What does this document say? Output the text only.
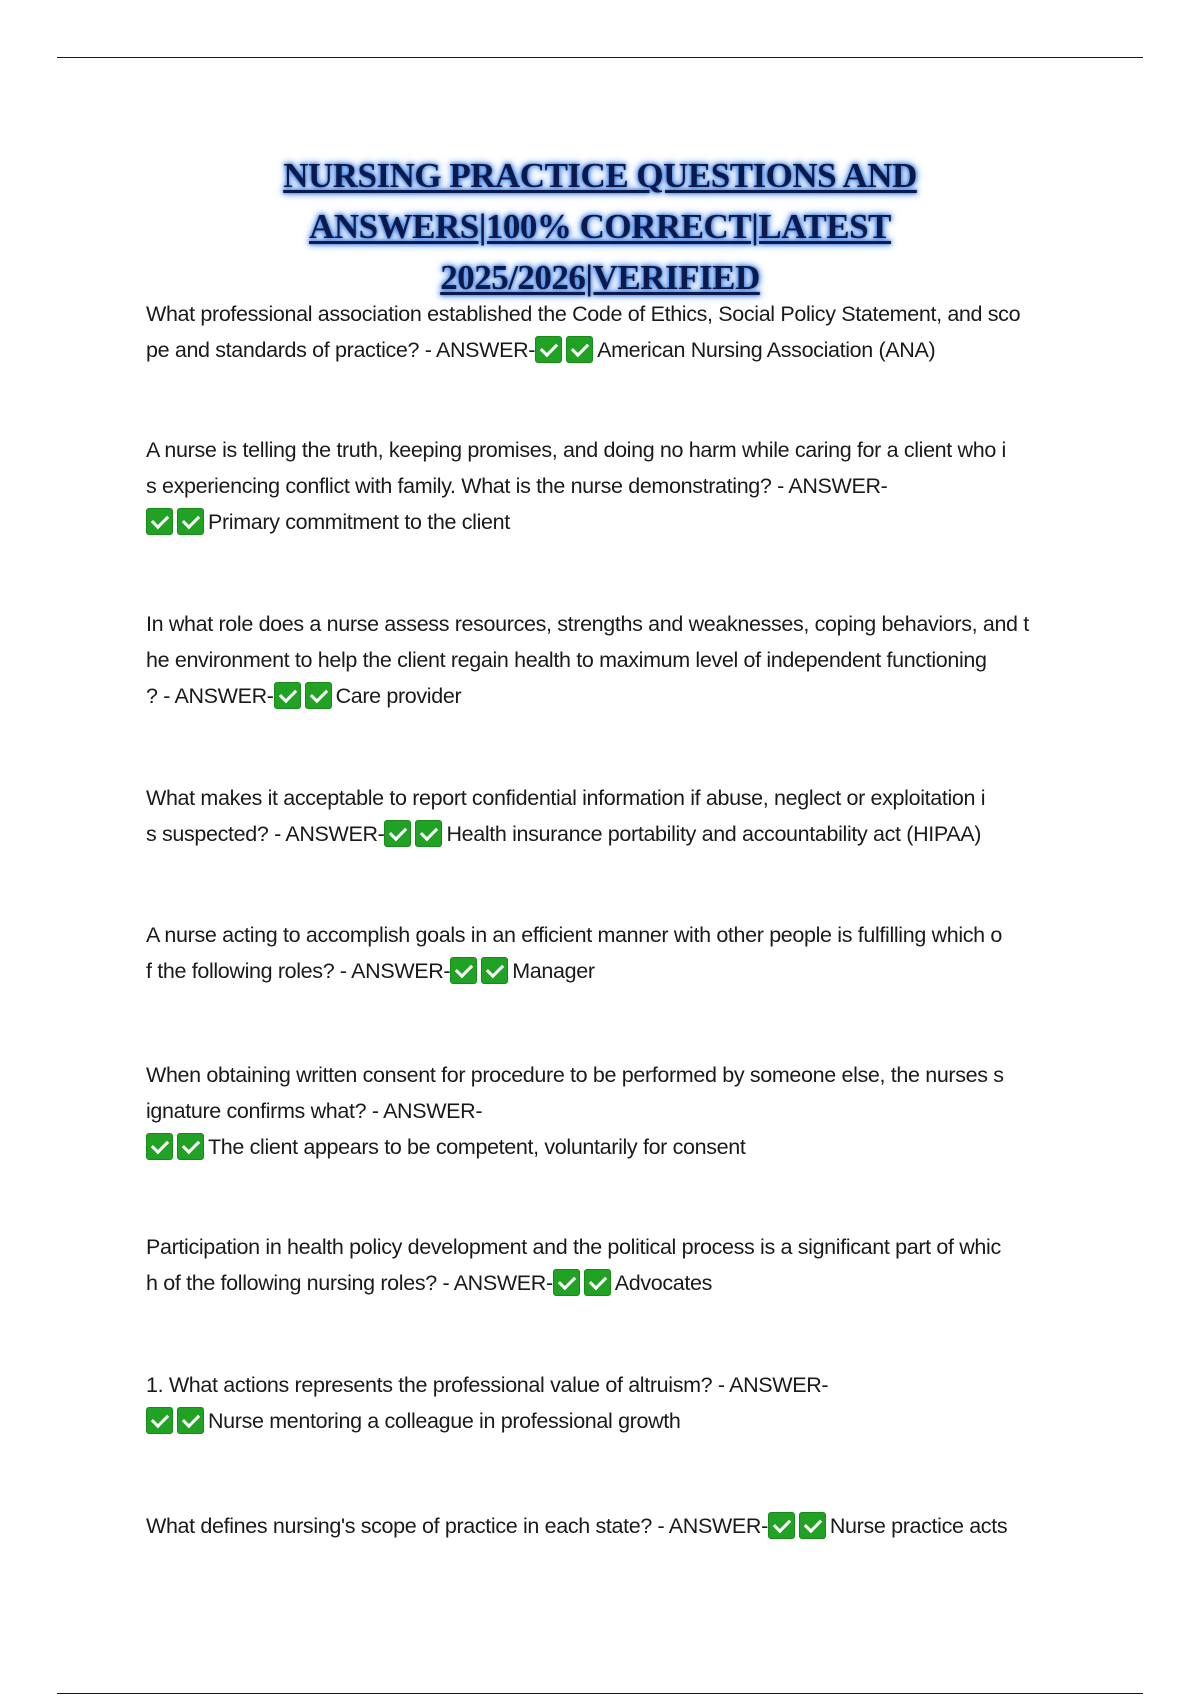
NURSING PRACTICE QUESTIONS AND
ANSWERS|100% CORRECT|LATEST
2025/2026|VERIFIED

What professional association established the Code of Ethics, Social Policy Statement, and sco

pe and standards of practice? - ANSWER-	American Nursing Association (ANA)

A nurse is telling the truth, keeping promises, and doing no harm while caring for a client who i

s experiencing conflict with family. What is the nurse demonstrating? - ANSWER-

Primary commitment to the client

In what role does a nurse assess resources, strengths and weaknesses, coping behaviors, and t

he environment to help the client regain health to maximum level of independent functioning

? - ANSWER-	Care provider

What makes it acceptable to report confidential information if abuse, neglect or exploitation i

s suspected? - ANSWER-	Health insurance portability and accountability act (HIPAA)

A nurse acting to accomplish goals in an efficient manner with other people is fulfilling which o

f the following roles? - ANSWER-	Manager

When obtaining written consent for procedure to be performed by someone else, the nurses s

ignature confirms what? - ANSWER-

The client appears to be competent, voluntarily for consent

Participation in health policy development and the political process is a significant part of whic

h of the following nursing roles? - ANSWER-	Advocates

1. What actions represents the professional value of altruism? - ANSWER-

Nurse mentoring a colleague in professional growth

What defines nursing's scope of practice in each state? - ANSWER-	Nurse practice acts
